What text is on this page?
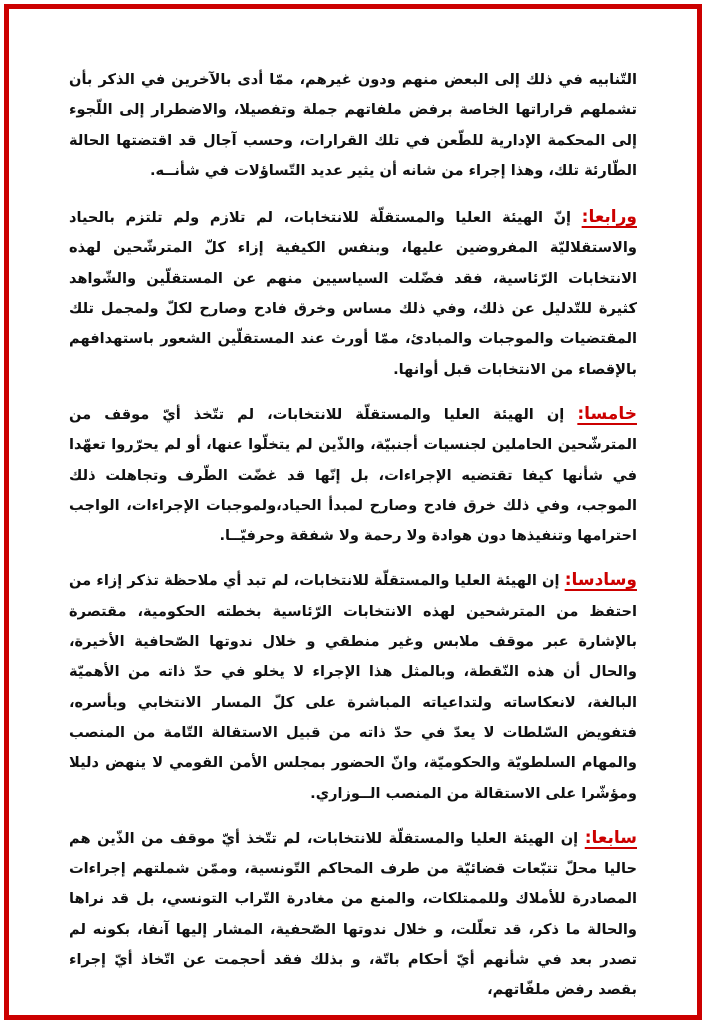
التّنابيه في ذلك إلى البعض منهم ودون غيرهم، ممّا أدى بالآخرين في الذكر بأن تشملهم قراراتها الخاصة برفض ملفاتهم جملة وتفصيلا، والاضطرار إلى اللّجوء إلى المحكمة الإدارية للطّعن في تلك القرارات، وحسب آجال قد اقتضتها الحالة الطّارئة تلك، وهذا إجراء من شانه أن يثير عديد التّساؤلات في شأنــه.

ورابعا: إنّ الهيئة العليا والمستقلّة للانتخابات، لم تلازم ولم تلتزم بالحياد والاستقلاليّة المفروضين عليها، وبنفس الكيفية إزاء كلّ المترشّحين لهذه الانتخابات الرّئاسية، فقد فضّلت السياسيين منهم عن المستقلّين والشّواهد كثيرة للتّدليل عن ذلك، وفي ذلك مساس وخرق فادح وصارح لكلّ ولمجمل تلك المقتضيات والموجبات والمبادئ، ممّا أورث عند المستقلّين الشعور باستهدافهم بالإقصاء من الانتخابات قبل أوانها.

خامسا: إن الهيئة العليا والمستقلّة للانتخابات، لم تتّخذ أيّ موقف من المترشّحين الحاملين لجنسيات أجنبيّة، والذّين لم يتخلّوا عنها، أو لم يحرّروا تعهّدا في شأنها كيفا تقتضيه الإجراءات، بل إنّها قد غضّت الطّرف وتجاهلت ذلك الموجب، وفي ذلك خرق فادح وصارح لمبدأ الحياد،ولموجبات الإجراءات، الواجب احترامها وتنفيذها دون هوادة ولا رحمة ولا شفقة وحرفيّــا.

وسادسا: إن الهيئة العليا والمستقلّة للانتخابات، لم تبد أي ملاحظة تذكر إزاء من احتفظ من المترشحين لهذه الانتخابات الرّئاسية بخطته الحكومية، مقتصرة بالإشارة عبر موقف ملابس وغير منطقي و خلال ندوتها الصّحافية الأخيرة، والحال أن هذه النّقطة، وبالمثل هذا الإجراء لا يخلو في حدّ ذاته من الأهميّة البالغة، لانعكاساته ولتداعياته المباشرة على كلّ المسار الانتخابي وبأسره، فتفويض السّلطات لا يعدّ في حدّ ذاته من قبيل الاستقالة التّامة من المنصب والمهام السلطويّة والحكوميّة، وانّ الحضور بمجلس الأمن القومي لا ينهض دليلا ومؤشّرا على الاستقالة من المنصب الــوزاري.

سابعا: إن الهيئة العليا والمستقلّة للانتخابات، لم تتّخذ أيّ موقف من الذّين هم حاليا محلّ تتبّعات قضائيّة من طرف المحاكم التّونسية، وممّن شملتهم إجراءات المصادرة للأملاك وللممتلكات، والمنع من مغادرة التّراب التونسي، بل قد نراها والحالة ما ذكر، قد تعلّلت، و خلال ندوتها الصّحفية، المشار إليها آنفا، بكونه لم تصدر بعد في شأنهم أيّ أحكام باتّة، و بذلك فقد أحجمت عن اتّخاذ أيّ إجراء بقصد رفض ملفّاتهم،
